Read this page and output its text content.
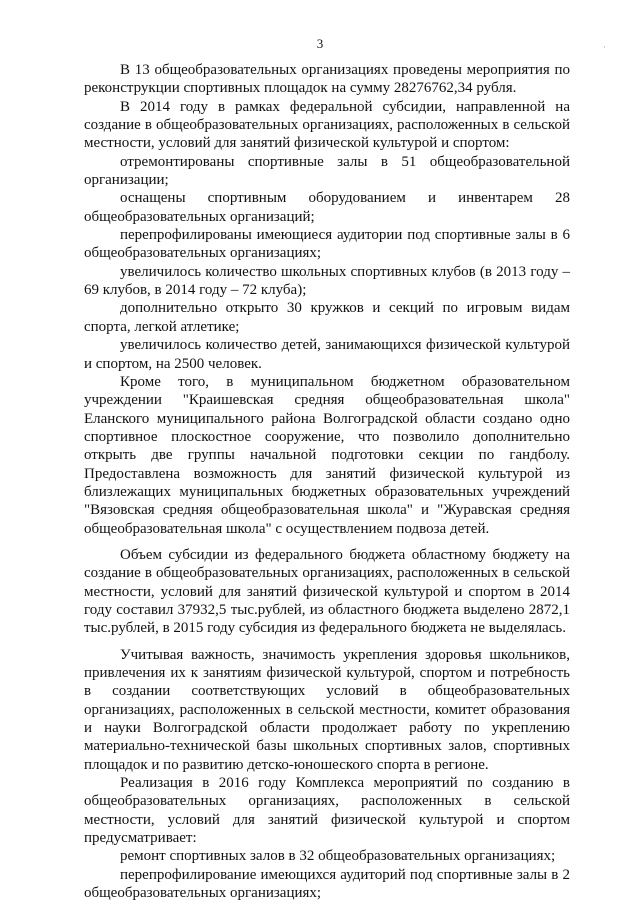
3	·

В 13 общеобразовательных организациях проведены мероприятия по реконструкции спортивных площадок на сумму 28276762,34 рубля.

В 2014 году в рамках федеральной субсидии, направленной на создание в общеобразовательных организациях, расположенных в сельской местности, условий для занятий физической культурой и спортом:

отремонтированы спортивные залы в 51 общеобразовательной организации;

оснащены спортивным оборудованием и инвентарем 28 общеобразовательных организаций;

перепрофилированы имеющиеся аудитории под спортивные залы в 6 общеобразовательных организациях;

увеличилось количество школьных спортивных клубов (в 2013 году – 69 клубов, в 2014 году – 72 клуба);

дополнительно открыто 30 кружков и секций по игровым видам спорта, легкой атлетике;

увеличилось количество детей, занимающихся физической культурой и спортом, на 2500 человек.

Кроме того, в муниципальном бюджетном образовательном учреждении "Краишевская средняя общеобразовательная школа" Еланского муниципального района Волгоградской области создано одно спортивное плоскостное сооружение, что позволило дополнительно открыть две группы начальной подготовки секции по гандболу. Предоставлена возможность для занятий физической культурой из близлежащих муниципальных бюджетных образовательных учреждений "Вязовская средняя общеобразовательная школа" и "Журавская средняя общеобразовательная школа" с осуществлением подвоза детей.

Объем субсидии из федерального бюджета областному бюджету на создание в общеобразовательных организациях, расположенных в сельской местности, условий для занятий физической культурой и спортом в 2014 году составил 37932,5 тыс.рублей, из областного бюджета выделено 2872,1 тыс.рублей, в 2015 году субсидия из федерального бюджета не выделялась.

Учитывая важность, значимость укрепления здоровья школьников, привлечения их к занятиям физической культурой, спортом и потребность в создании соответствующих условий в общеобразовательных организациях, расположенных в сельской местности, комитет образования и науки Волгоградской области продолжает работу по укреплению материально-технической базы школьных спортивных залов, спортивных площадок и по развитию детско-юношеского спорта в регионе.

Реализация в 2016 году Комплекса мероприятий по созданию в общеобразовательных организациях, расположенных в сельской местности, условий для занятий физической культурой и спортом предусматривает:

ремонт спортивных залов в 32 общеобразовательных организациях;

перепрофилирование имеющихся аудиторий под спортивные залы в 2 общеобразовательных организациях;
